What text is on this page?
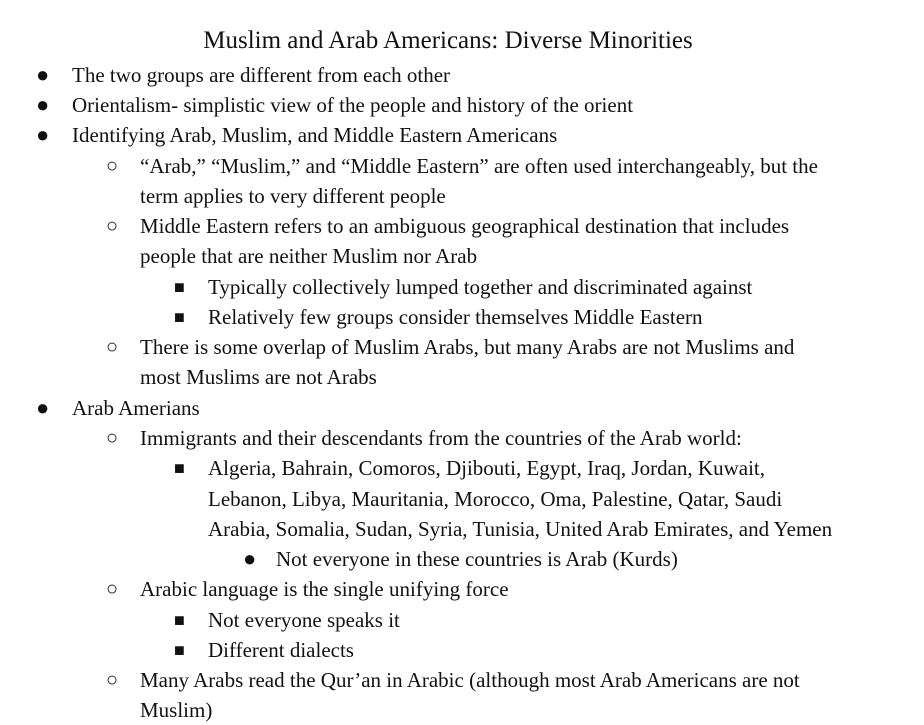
Muslim and Arab Americans: Diverse Minorities
● The two groups are different from each other
● Orientalism- simplistic view of the people and history of the orient
● Identifying Arab, Muslim, and Middle Eastern Americans
○ “Arab,” “Muslim,” and “Middle Eastern” are often used interchangeably, but the
term applies to very different people
○ Middle Eastern refers to an ambiguous geographical destination that includes
people that are neither Muslim nor Arab
■ Typically collectively lumped together and discriminated against
■ Relatively few groups consider themselves Middle Eastern
○ There is some overlap of Muslim Arabs, but many Arabs are not Muslims and
most Muslims are not Arabs
● Arab Amerians
○ Immigrants and their descendants from the countries of the Arab world:
■ Algeria, Bahrain, Comoros, Djibouti, Egypt, Iraq, Jordan, Kuwait,
Lebanon, Libya, Mauritania, Morocco, Oma, Palestine, Qatar, Saudi
Arabia, Somalia, Sudan, Syria, Tunisia, United Arab Emirates, and Yemen
● Not everyone in these countries is Arab (Kurds)
○ Arabic language is the single unifying force
■ Not everyone speaks it
■ Different dialects
○ Many Arabs read the Qur’an in Arabic (although most Arab Americans are not
Muslim)
